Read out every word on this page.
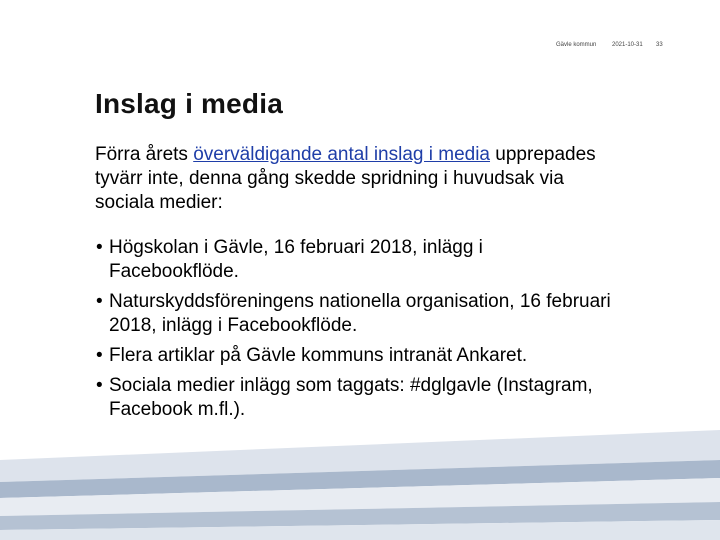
Gävle kommun	2021-10-31 33
Inslag i media

Förra årets överväldigande antal inslag i media upprepades tyvärr inte, denna gång skedde spridning i huvudsak via sociala medier:

• Högskolan i Gävle, 16 februari 2018, inlägg i Facebookflöde.
• Naturskyddsföreningens nationella organisation, 16 februari 2018, inlägg i Facebookflöde.
• Flera artiklar på Gävle kommuns intranät Ankaret.
• Sociala medier inlägg som taggats: #dglgavle (Instagram, Facebook m.fl.).
